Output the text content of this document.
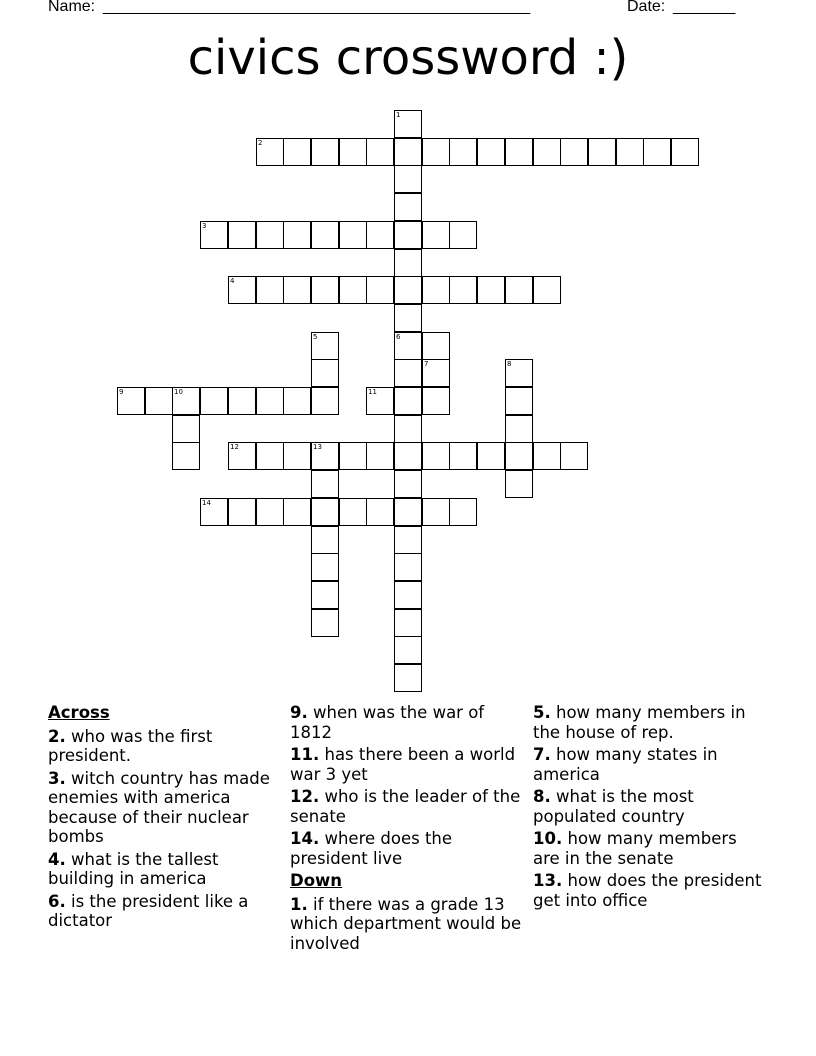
Name: ________________________________________________	Date: _______
civics crossword :)
1
6
2
3
4
5
7	8
9	10	11
12	13
14
Across
2. who was the first president.
3. witch country has made enemies with america because of their nuclear bombs
4. what is the tallest building in america
6. is the president like a dictator
9. when was the war of 1812
11. has there been a world war 3 yet
12. who is the leader of the senate
14. where does the president live
Down
1. if there was a grade 13 which department would be involved
5. how many members in the house of rep.
7. how many states in america
8. what is the most populated country
10. how many members are in the senate
13. how does the president get into office
